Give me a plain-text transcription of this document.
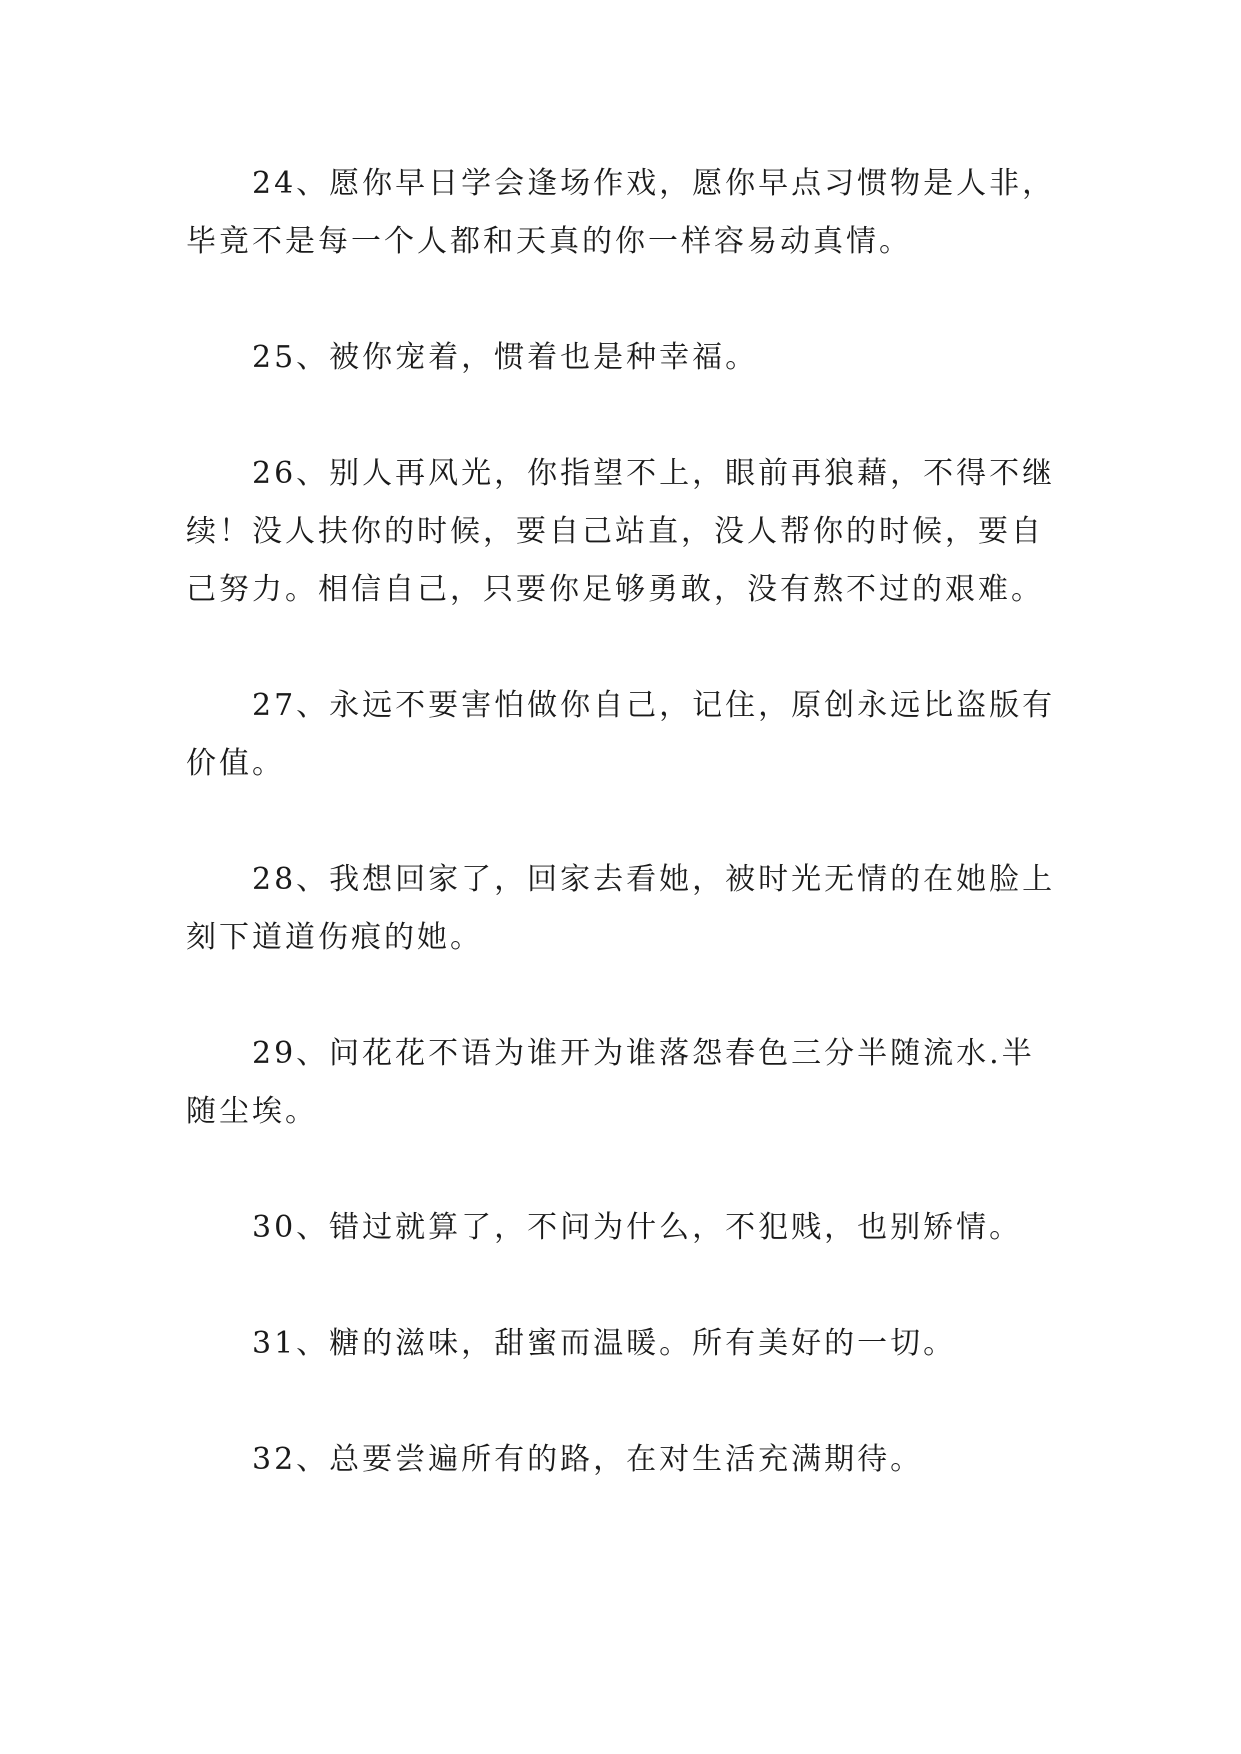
24、愿你早日学会逢场作戏，愿你早点习惯物是人非，毕竟不是每一个人都和天真的你一样容易动真情。

25、被你宠着，惯着也是种幸福。

26、别人再风光，你指望不上，眼前再狼藉，不得不继续！没人扶你的时候，要自己站直，没人帮你的时候，要自己努力。相信自己，只要你足够勇敢，没有熬不过的艰难。

27、永远不要害怕做你自己，记住，原创永远比盗版有价值。

28、我想回家了，回家去看她，被时光无情的在她脸上刻下道道伤痕的她。

29、问花花不语为谁开为谁落怨春色三分半随流水.半随尘埃。

30、错过就算了，不问为什么，不犯贱，也别矫情。

31、糖的滋味，甜蜜而温暖。所有美好的一切。

32、总要尝遍所有的路，在对生活充满期待。
